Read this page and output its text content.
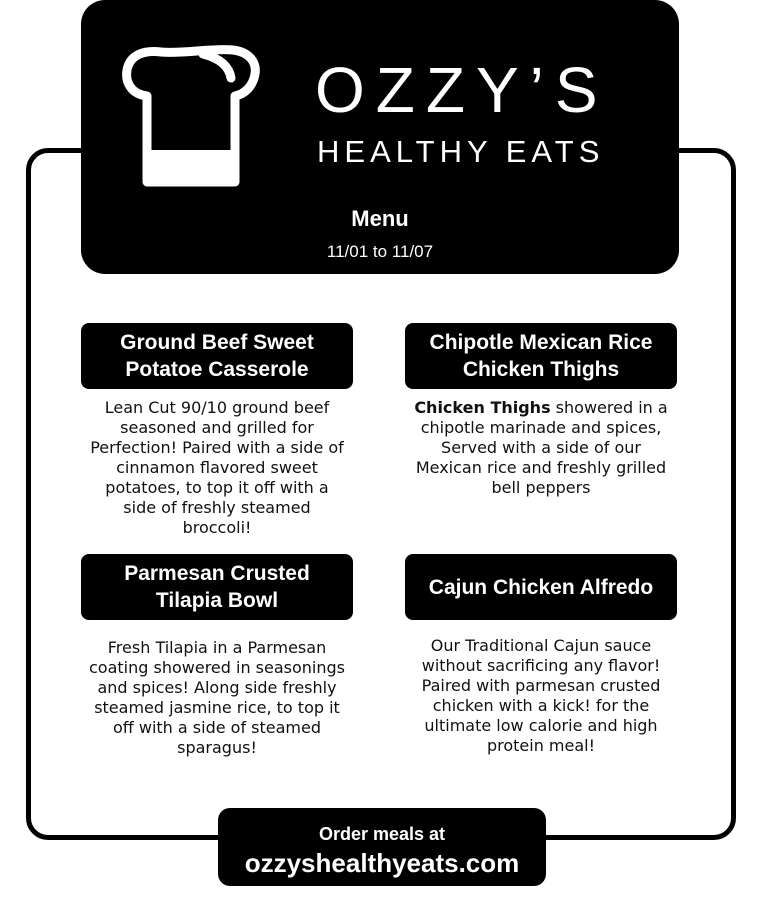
OZZY’S
HEALTHY EATS
Menu
11/01 to 11/07
Ground Beef Sweet Potatoe Casserole
Lean Cut 90/10 ground beef seasoned and grilled for Perfection! Paired with a side of cinnamon flavored sweet potatoes, to top it off with a side of freshly steamed broccoli!
Chipotle Mexican Rice Chicken Thighs
Chicken Thighs showered in a chipotle marinade and spices, Served with a side of our Mexican rice and freshly grilled bell peppers
Parmesan Crusted Tilapia Bowl
Fresh Tilapia in a Parmesan coating showered in seasonings and spices! Along side freshly steamed jasmine rice, to top it off with a side of steamed sparagus!
Cajun Chicken Alfredo
Our Traditional Cajun sauce without sacrificing any flavor! Paired with parmesan crusted chicken with a kick! for the ultimate low calorie and high protein meal!
Order meals at
ozzyshealthyeats.com
